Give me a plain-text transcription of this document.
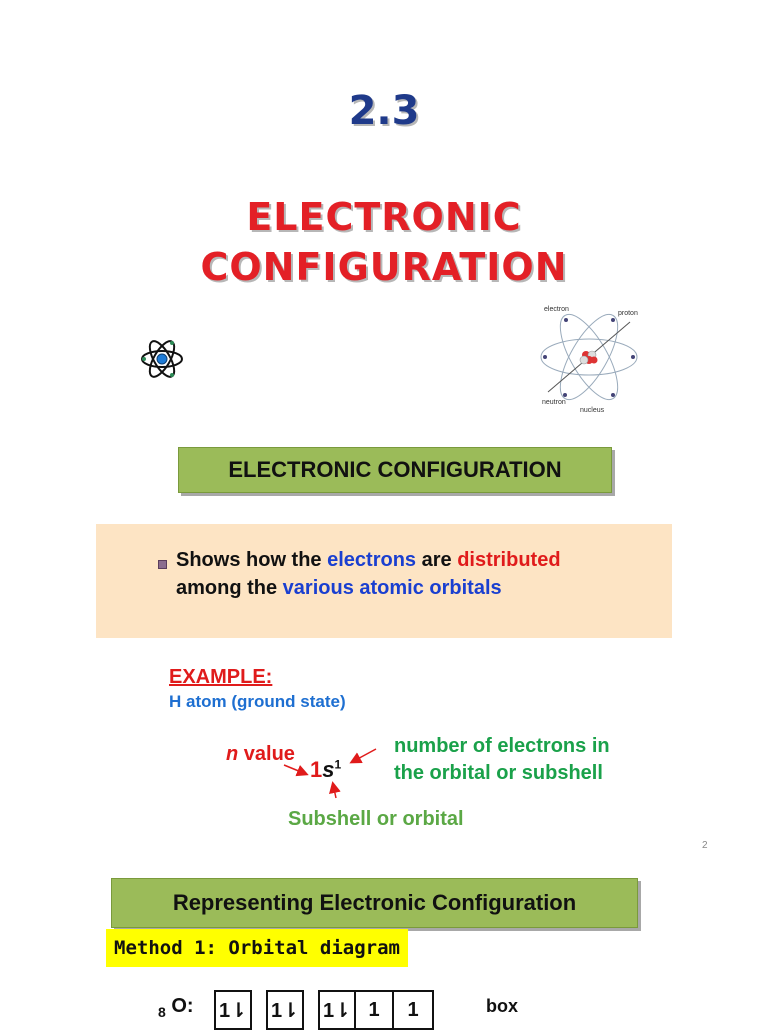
2.3
ELECTRONIC
CONFIGURATION
electron
proton
neutron
nucleus
ELECTRONIC CONFIGURATION
Shows how the electrons are distributed
among the various atomic orbitals
EXAMPLE:
H atom (ground state)
n value
$1s^1$
number of electrons in
the orbital or subshell
Subshell or orbital
2
Representing Electronic Configuration
Method 1: Orbital diagram
$_8$ O: 1⇂ 1⇂ 1⇂ 1	1	box
